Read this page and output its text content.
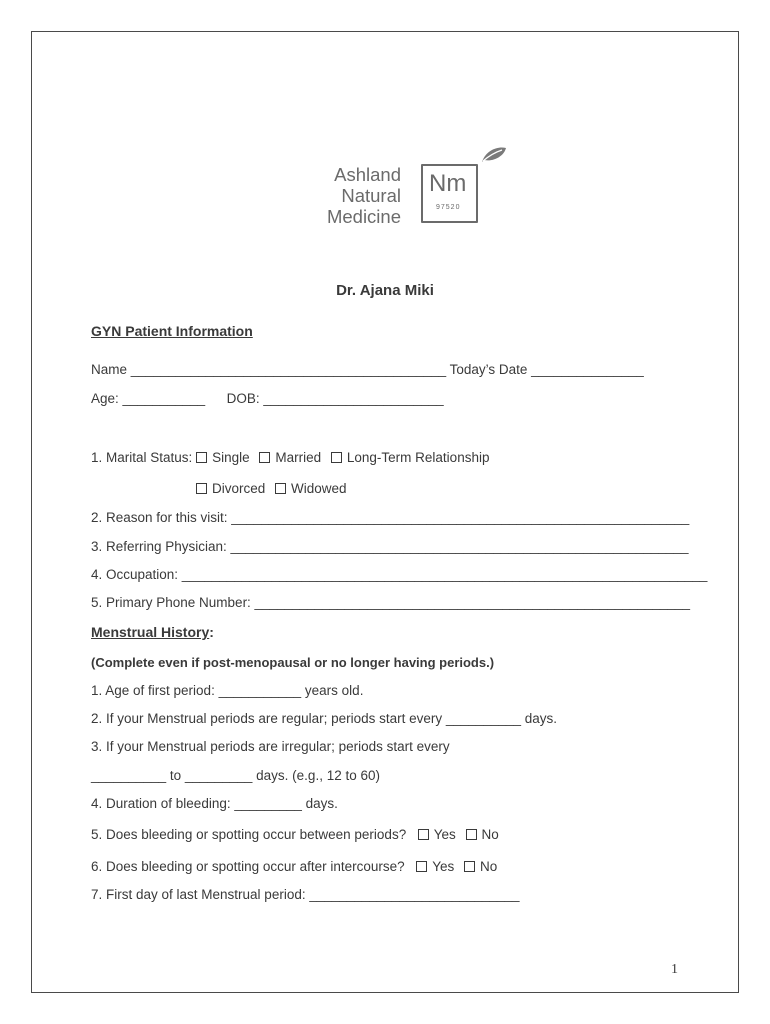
Ashland
Natural
Medicine
Nm
97520
Dr. Ajana Miki
GYN Patient Information
Name __________________________________________ Today’s Date _______________
Age: ___________ DOB: ________________________
1. Marital Status: Single Married Long-Term Relationship
Divorced Widowed
2. Reason for this visit: _____________________________________________________________
3. Referring Physician: _____________________________________________________________
4. Occupation: ______________________________________________________________________
5. Primary Phone Number: __________________________________________________________
Menstrual History:
(Complete even if post-menopausal or no longer having periods.)
1. Age of first period: ___________ years old.
2. If your Menstrual periods are regular; periods start every __________ days.
3. If your Menstrual periods are irregular; periods start every
__________ to _________ days. (e.g., 12 to 60)
4. Duration of bleeding: _________ days.
5. Does bleeding or spotting occur between periods? Yes No
6. Does bleeding or spotting occur after intercourse? Yes No
7. First day of last Menstrual period: ____________________________
1
